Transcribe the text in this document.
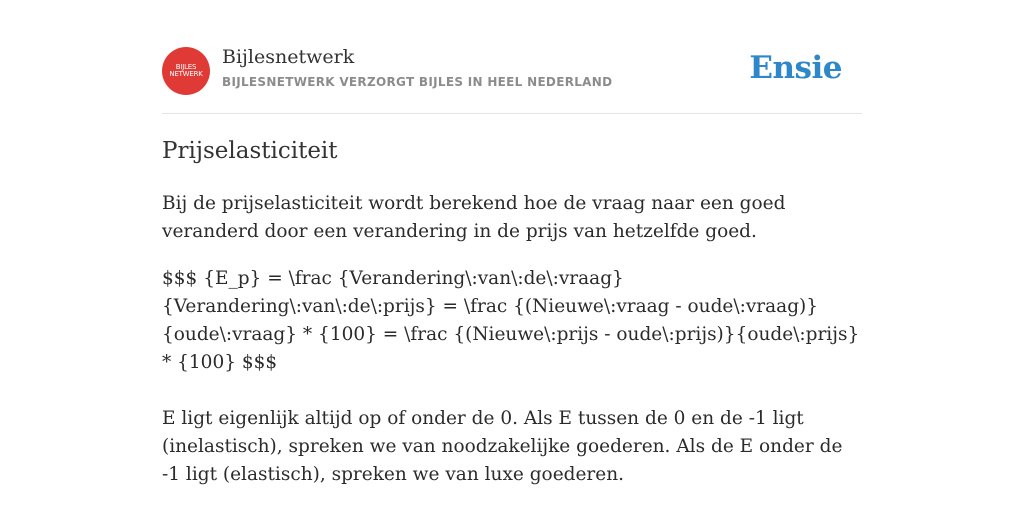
BIJLES
NETWERK
Bijlesnetwerk
BIJLESNETWERK VERZORGT BIJLES IN HEEL NEDERLAND	Ensie
Prijselasticiteit

Bij de prijselasticiteit wordt berekend hoe de vraag naar een goed veranderd door een verandering in de prijs van hetzelfde goed.

$$$ {E_p} = \frac {Verandering\:van\:de\:vraag}{Verandering\:van\:de\:prijs} = \frac {(Nieuwe\:vraag - oude\:vraag)}{oude\:vraag} * {100} = \frac {(Nieuwe\:prijs - oude\:prijs)}{oude\:prijs} * {100} $$$

E ligt eigenlijk altijd op of onder de 0. Als E tussen de 0 en de -1 ligt (inelastisch), spreken we van noodzakelijke goederen. Als de E onder de -1 ligt (elastisch), spreken we van luxe goederen.
